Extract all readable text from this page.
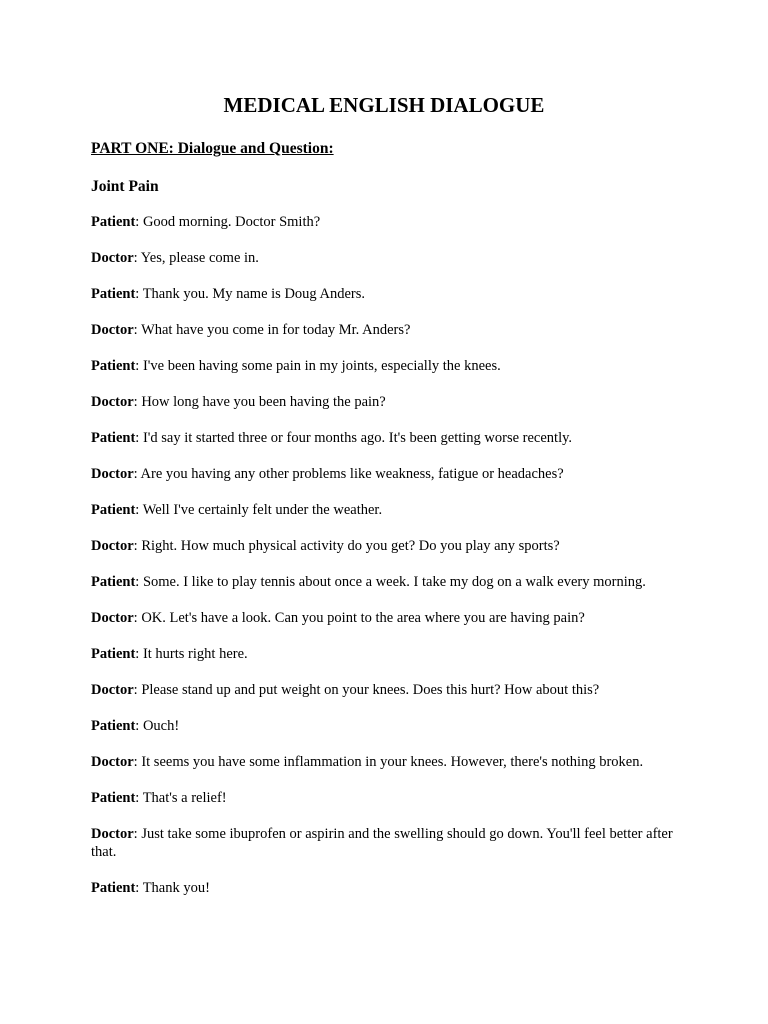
MEDICAL ENGLISH DIALOGUE
PART ONE: Dialogue and Question:
Joint Pain
Patient: Good morning. Doctor Smith?
Doctor: Yes, please come in.
Patient: Thank you. My name is Doug Anders.
Doctor: What have you come in for today Mr. Anders?
Patient: I've been having some pain in my joints, especially the knees.
Doctor: How long have you been having the pain?
Patient: I'd say it started three or four months ago. It's been getting worse recently.
Doctor: Are you having any other problems like weakness, fatigue or headaches?
Patient: Well I've certainly felt under the weather.
Doctor: Right. How much physical activity do you get? Do you play any sports?
Patient: Some. I like to play tennis about once a week. I take my dog on a walk every morning.
Doctor: OK. Let's have a look. Can you point to the area where you are having pain?
Patient: It hurts right here.
Doctor: Please stand up and put weight on your knees. Does this hurt? How about this?
Patient: Ouch!
Doctor: It seems you have some inflammation in your knees. However, there's nothing broken.
Patient: That's a relief!
Doctor: Just take some ibuprofen or aspirin and the swelling should go down. You'll feel better after that.
Patient: Thank you!
